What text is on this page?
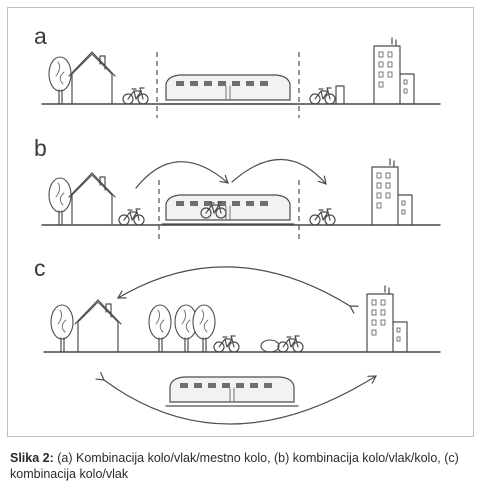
a
b
c
Slika 2: (a) Kombinacija kolo/vlak/mestno kolo, (b) kombinacija kolo/vlak/kolo, (c) kombinacija kolo/vlak
